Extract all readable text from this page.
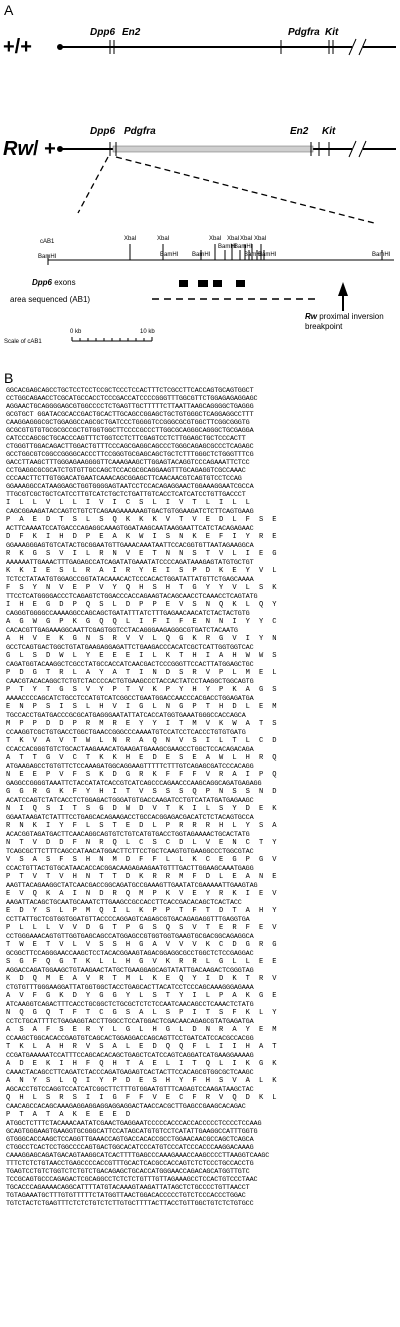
A
+/+
Dpp6 En2	Pdgfra Kit
Rw/ +
Dpp6 Pdgfra	En2 Kit
cAB1
BamHI
XbaI	XbaI
BamHI BamHI
XbaI
BamHI
XbaI
BamHI
XbaI
BamHI
XbaI
BamHI	BamHI
Dpp6 exons
area sequenced (AB1)
Rw proximal inversion
breakpoint
0 kb	10 kb
Scale of cAB1
B
GGCACGAGCAGCCTGCTCCTCCTCCGCTCCCTCCACTTTCTCGCCTTCACCAGTGCAGTGGCT
CCTGGCAGAACCTCGCATGCCACCTCCCGACCATCCCCGGGTTTGGCGTTCTGGAGAGAGGAGC
AGGAACTGCAGGGGAGCGTGGCCCCTCTGAGTTGCTTTTTCTTAATTAAGCAGGGGCTGAGGG
GCGTGCT GGATACGCACCGACTGCACTTGCAGCCGGAGCTGCTGTGGGCTCAGGAGGCCTTT
CAAGGAGGGCGCTGGAGGCCAGCGCTGATCCCTGGGGTCCGGGCGCGTGGCTTCGGCGGGTG
GCGCGTGTGTGCGCGCCGCTGTGGTGGCTTCCCCGCCCTTGGCGCAGGGCAGGGCTGCGAGGA
CATCCCAGCGCTGCACCCAGTTTCTGGTCCTCTTCGAGTCCTCTTGGAGCTGCTCCCACTT
CTGGGTTGGACAGACTTGGACTGTTTCCCAGCGAGGCAGCCCTGGGCAGAGCGCCCTCAGAGC
GCCTGGCGTCGGCCGGGGCACCCTTCCGGGTGCGAGCAGCTGCTCTTTGGGCTCTGGGTTTCG
GACCTTAAGCTTTGGGAGAAGGGGTTCAAAGAAGCTTGGAGTACAGGTCCCAGAAATTCTCC
CCTGAGGCGCGCATCTGTGTTGCCAGCTCCACGCGCAGGAAGTTTGCAGAGGTCGCCAAAC
CCCAACTTCTTGTGGACATGAATCAAACAGCGGAGCTTCAACAACGTCAGTGTCCTCCAG
GGAAAGGCCATAAGGAGCTGGTGGGGAGTAATCCTCCACAGAGGAACTGGAAAGGAATCGCCA
TTGCGTCGCTGCTCATCCTTGTCATCTGCTCTGATTGTCACCTCATCATCCTGTTGACCCT
I L L V L L I V I C S L I V T L I L L
CAGCGGAAGATACCAGTCTGTCTCAGAAGAAAAAAGTGACTGTGGAAGATCTCTTCAGTGAAG
P A E D T S L S Q K K K V T V E D L F S E
ACTTCAAAATCCATGACCCAGAGGCAAAGTGGATAAGCAATAAGGAATTCATCTACAGAGAAC
D F K I H D P E A K W I S N K E F I Y R E
GGAAAGGGAGTGTCATACTGCGGAATGTTGAAACAAATAATTCCACGGTGTTAATAGAAGGCA
R K G S V I L R N V E T N N S T V L I E G
AAAAAATTGAAACTTTGAGAGCCATCAGATATGAAATATCCCCAGATAAAGAGTATGTGCTGT
K K I E S L R A I R Y E I S P D K E Y V L
TCTCCTATAATGTGGAGCCGGTATACAAACACTCCCACACTGGATATTATGTTCTGAGCAAAA
F S Y N V E P V Y Q H S H T G Y Y V L S K
TTCCTCATGGGGACCCTCAGAGTCTGGACCCACCAGAAGTACAGCAACCTCAAACCTCAGTATG
I H E G D P Q S L D P P E V S N Q K L Q Y
CAGGGTGGGGCCAAAAGGCCAGCAGCTGATATTTATCTTTGAGAACAACATCTACTACTGTG
A G W G P K G Q Q L I F I F E N N I Y Y C
CACACGTTGAGAAAGGCAATTCGAGTGGTCCTACAGGGAAGAGGGCGTGATCTACAATG
A H V E K G N S R V V L Q G K R G V I Y N
GCCTCAGTGACTGGCTGTATGAAGAGGAGATTCTGAAGACCCACATCGCTCATTGGTGGTCAC
G L S D W L Y E E E I L K T H I A H W W S
CAGATGGTACAAGGCTCGCCTATGCCACCATCAACGACTCCCGGGTTCCACTTATGGAGCTGC
P D G T R L A Y A T I N D S R V P L M E L
CAACGTACACAGGCTCTGTCTACCCCACTGTGAAGCCCTACCACTATCCTAAGGCTGGCAGTG
P T Y T G S V Y P T V K P Y H Y P K A G S
AAAACCCCAGCATCTGCCTCCATGTCATCGGCCTGAATGGACCAACCCACGACCTGGAGATGA
E N P S I S L H V I G L N G P T H D L E M
TGCCACCTGATGACCCGCGCATGAGGGAATATTATCACCATGGTGAAATGGGCCACCAGCA
M P P D D P R M R E Y Y I T M V K W A T S
CCAAGGTCGCTGTGACCTGGCTGAACCGGGCCCAAAATGTCCATCCTCACCCTGTGTGATG
T K V A V T W L N R A Q N V S I L T L C D
CCACCACGGGTGTCTGCACTAAGAAACATGAAGATGAAAGCGAAGCCTGGCTCCACAGACAGA
A T T G V C T K K H E D E S E A W L H R Q
ATGAAGAGCCTGTGTTCTCCAAAGATGGCAGGAAGTTTTTCTTTGTCAGAGCGATCCCACAGG
N E E P V F S K D G R K F F F V R A I P Q
GAGGCCGGGGTAAATTCTACCATATCACCGTCATCAGCCCAGAACCCAAGCAGGCAGATGAGAGG
G G R G K F Y H I T V S S S Q P N S S N D
ACATCCAGTCTATCACCTCTGGAGACTGGGATGTGACCAAGATCCTGTCATATGATGAGAAGC
N I Q S I T S G D W D V T K I L S Y D E K
GGAATAAGATCTATTTCCTGAGCACAGAAGACCTGCCACGGAGACGACATCTCTACAGTGCCA
R N K I Y F L S T E D L P R R R H L Y S A
ACACGGTAGATGACTTCAACAGGCAGTGTCTGTCATGTGACCTGGTAGAAAACTGCACTATG
N T V D D F N R Q L C S C D L V E N C T Y
TCAGCGCTTCTTTCAGCCATAACATGGACTTCTTCCTGCTCAAGTGTGAAGGCCCTGGCGTAC
V S A S F S H N M D F F L L K C E G P G V
CCACTGTTACTGTGCATAACACCACGGACAAGAGAAGAATGTTTGACTTGGAAGCAAATGAGG
P T V T V H N T T D K R R M F D L E A N E
AAGTTACAGAAGGCTATCAACGACCGGCAGATGCCGAAAGTTGAATATCGAAAAATTGAAGTAG
E V Q K A I N D R Q M P K V E Y R K I E V
AAGATTACAGCTGCAATGCAAATCTTGAAGCCGCCACCTTCACCGACACAGCTCACTACC
E D Y S L P M Q I L K P P T F T D T A H Y
CCTTATTGCTCGTGGTGGATGTTACCCCAGGAGTCAGAGCGTGACAGAGAGGTTTGAGGTGA
P L L L V V D G T P G S Q S V T E R F E V
CCTGGGAAACAGTGTTGGTGAGCAGCCATGGAGCCGTGGTGGTGAAGTGCGACGGCAGAGGCA
T W E T V L V S S H G A V V V K C D G R G
GCGGCTTCCAGGGAACCAAGCTCCTACACGGAAGTAGACGGAGGCGCCTGGCTCTCCGAGGAC
S G F Q G T K L L H G V K R R L G L L E E
AGGACCAGATGGAAGCTGTAAGAACTATGCTGAAGGAGCAGTATATTGACAAGACTCGGGTAG
K D Q M E A V R T M L K E Q Y I D K T R V
CTGTGTTTGGGAAGGATTATGGTGGCTACCTGAGCACTTACATCCTCCCAGCAAAGGGAGAAA
A V F G K D Y G G Y L S T Y I L P A K G E
ATCAAGGTCAGACTTTCACCTGCGGCTCTGCGCTCTCTCCAATCAACAGCCTCAAACTCTATG
N Q G Q T F T C G S A L S P I T S F K L Y
CCTCTGCATTTTCTGAGAGGTACCTTGGCCTCCATGGACTCGACAACAGAGCGTATGAGATGA
A S A F S E R Y L G L H G L D N R A Y E M
CCAAGCTGGCACACCGAGTGTCAGCACTGGAGGACCAGCAGTTCCTGATCATCCACGCCACGG
T K L A H R V S A L E D Q Q F L I I H A T
CCGATGAAAAATCCATTTCCAGCACACAGCTGAGCTCATCCAGTCAGGATCATGAAGGAAAAG
A D E K I H F Q H T A E L I T Q L I K G K
CAAACTACAGCCTTCAGATCTACCCAGATGAGAGTCACTACTTCCACAGCGTGGCGCTCAAGC
A N Y S L Q I Y P D E S H Y F H S V A L K
AGCACCTGTCCAGGTCCATCATCGGCTTCTTTGTGGAATGTTTCAGAGTCCAAGATAAGCTAC
Q H L S R S I I G F F V E C F R V Q D K L
CAACAGCCACAGCAAAGAGGAGGAGGAGGAGGACTAACCACGCTTGAGCCGAAGCACAGAC
P T A T A K E E E D
ATGGCTCTTTCTACAAACAATATCGAACTGAGGAATCCCCCACCCACCACCCCCTCCCCTCCAAG
GCAGTGGGAAGTGAAGGTGCGGGCATTCCATAGCATGTGTCCTCATATTGAAGGCCATTTGGTG
GTGGGCACCAAGCTCCAGGTTGAAACCAGTGACCACACCGCCTGGAACAACGCCAGCTCAGCA
CTGGCCTCACTCCTGGCCCCAGTGACTGGCACATCCCATGTCCCATCCCACCCAAGGACAAAG
CAAAGGAGCAGATGACAGTAAGGCATCACTTTTGAGCCCAAAGAAACCAAGCCCCTTAAGGTCAAGC
TTTCTCTCTGTAACCTGAGCCCCACCGTTTGCACTCACGCCACCAGTCTCTCCCTGCCACCTG
TGAGTCCTGTCTGGTCTCTGTCTGACAGAGCTGCACCATGGGAACCAGACAGCATGGTTGTC
TCCGCAGTGCCCAGAGACTCGCAGGCCTCTCTCTGTTTGTTAGAAAGCCTCCACTGTCCCTAAC
TGCACCCAGAAAACAGGCATTTTATGTACAAAGTAAGATTATAGCTCTGCCCCTGTTAACCT
TGTAGAAATGCTTTGTGTTTTTCTATGGTTAACTGGACACCCCCTGTCTCCCACCCTGGAC
TGTCTACTCTGAGTTTCTCTCTGTCTCTTGTGCTTTTACTTACCTGTTGGCTGTCTCTGTGCC
